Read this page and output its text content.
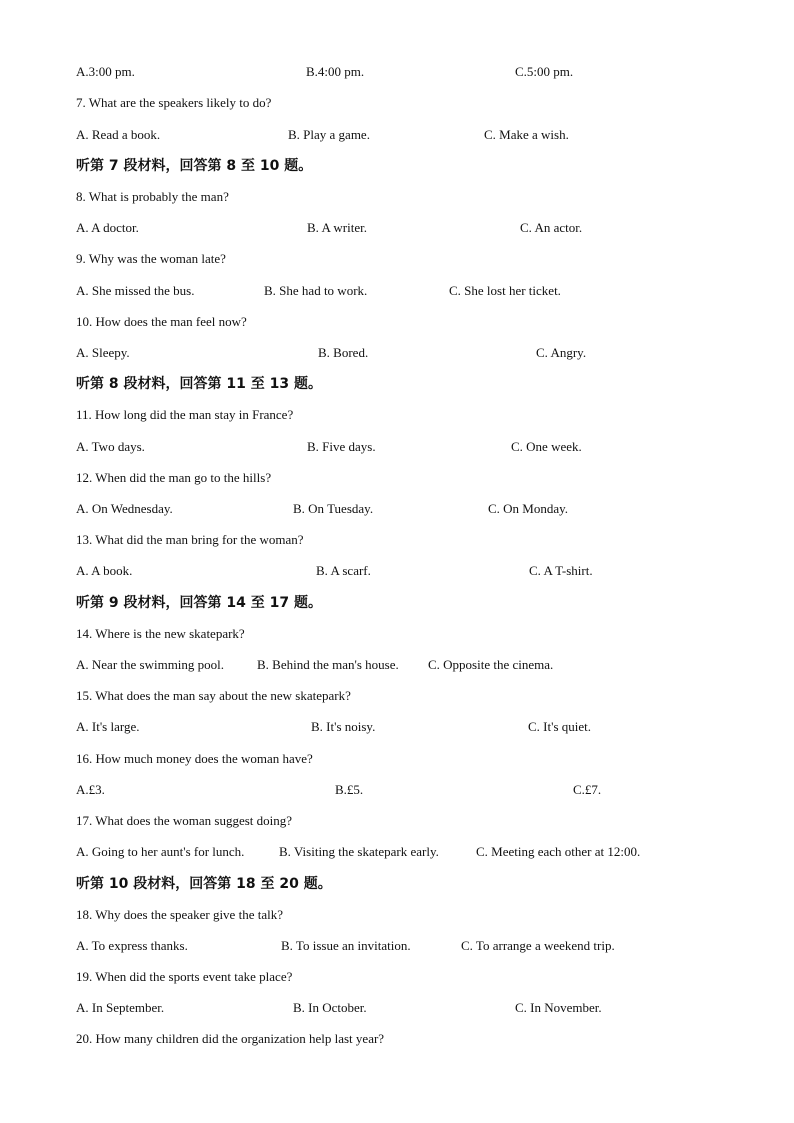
A.3:00 pm.	B.4:00 pm.	C.5:00 pm.
7. What are the speakers likely to do?
A. Read a book.	B. Play a game.	C. Make a wish.
听第 7 段材料，回答第 8 至 10 题。
8. What is probably the man?
A. A doctor.	B. A writer.	C. An actor.
9. Why was the woman late?
A. She missed the bus.	B. She had to work.	C. She lost her ticket.
10. How does the man feel now?
A. Sleepy.	B. Bored.	C. Angry.
听第 8 段材料，回答第 11 至 13 题。
11. How long did the man stay in France?
A. Two days.	B. Five days.	C. One week.
12. When did the man go to the hills?
A. On Wednesday.	B. On Tuesday.	C. On Monday.
13. What did the man bring for the woman?
A. A book.	B. A scarf.	C. A T-shirt.
听第 9 段材料，回答第 14 至 17 题。
14. Where is the new skatepark?
A. Near the swimming pool.	B. Behind the man's house. C. Opposite the cinema.
15. What does the man say about the new skatepark?
A. It's large.	B. It's noisy.	C. It's quiet.
16. How much money does the woman have?
A.£3.	B.£5.	C.£7.
17. What does the woman suggest doing?
A. Going to her aunt's for lunch.	B. Visiting the skatepark early.	C. Meeting each other at 12:00.
听第 10 段材料，回答第 18 至 20 题。
18. Why does the speaker give the talk?
A. To express thanks.	B. To issue an invitation.	C. To arrange a weekend trip.
19. When did the sports event take place?
A. In September.	B. In October.	C. In November.
20. How many children did the organization help last year?
